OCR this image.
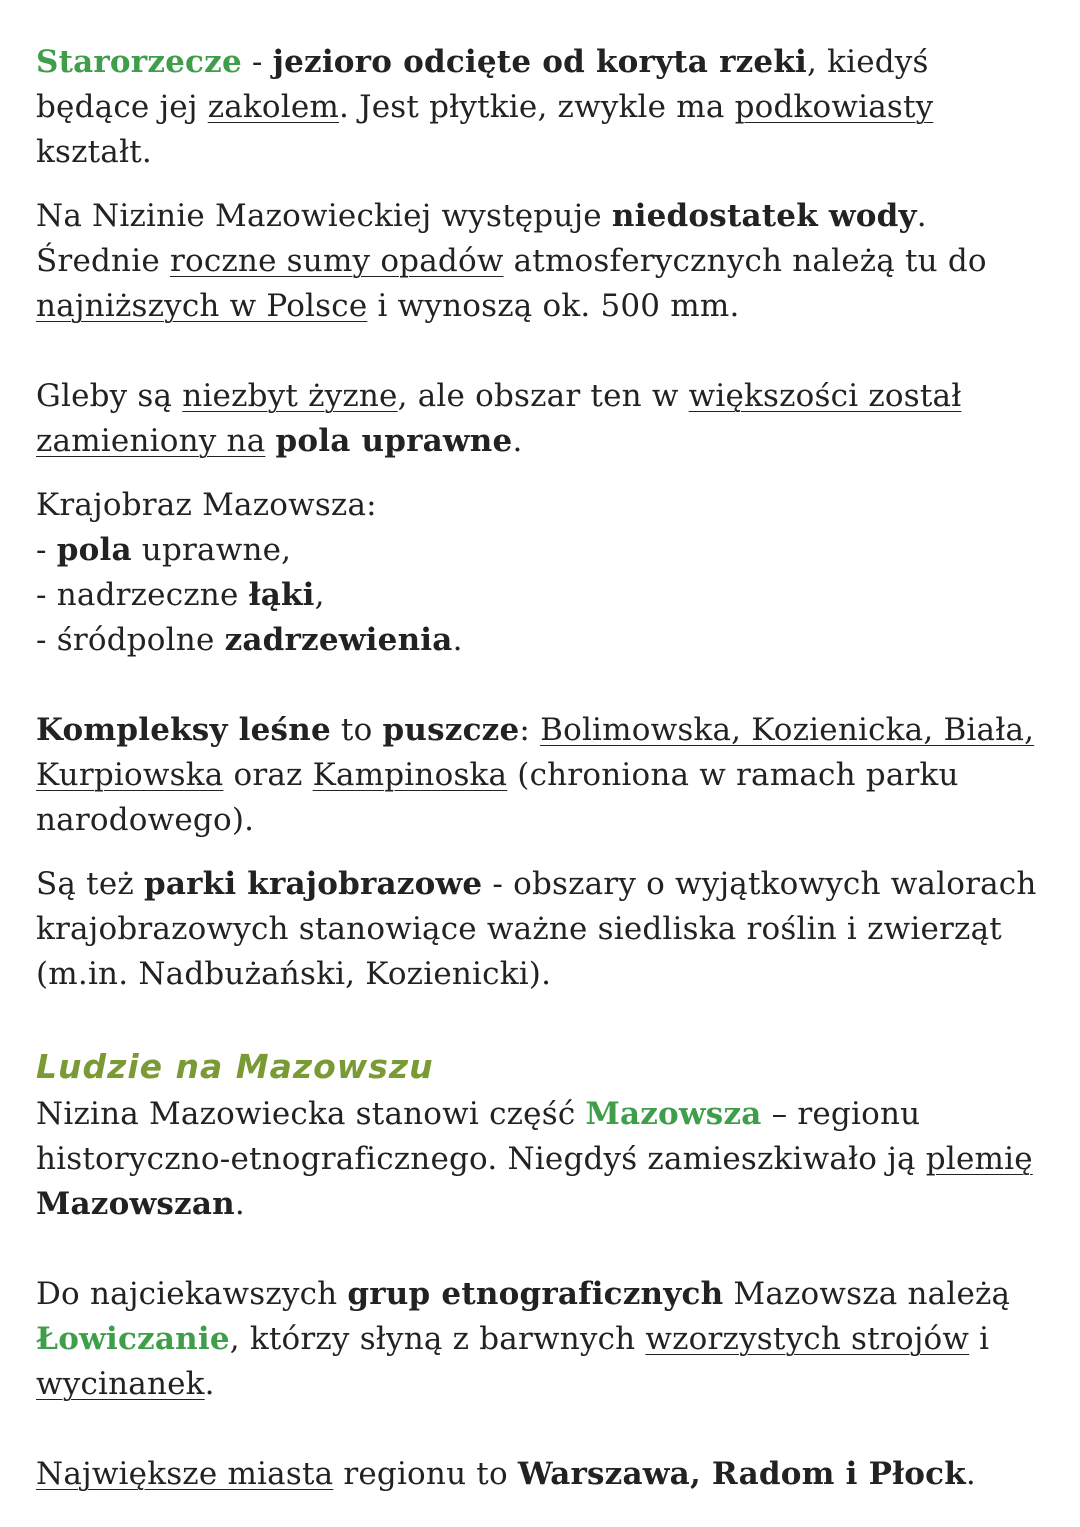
Starorzecze - jezioro odcięte od koryta rzeki, kiedyś będące jej zakolem. Jest płytkie, zwykle ma podkowiasty kształt.

Na Nizinie Mazowieckiej występuje niedostatek wody. Średnie roczne sumy opadów atmosferycznych należą tu do najniższych w Polsce i wynoszą ok. 500 mm.

Gleby są niezbyt żyzne, ale obszar ten w większości został zamieniony na pola uprawne.

Krajobraz Mazowsza:

- pola uprawne,

- nadrzeczne łąki,

- śródpolne zadrzewienia.

Kompleksy leśne to puszcze: Bolimowska, Kozienicka, Biała, Kurpiowska oraz Kampinoska (chroniona w ramach parku narodowego).

Są też parki krajobrazowe - obszary o wyjątkowych walorach krajobrazowych stanowiące ważne siedliska roślin i zwierząt (m.in. Nadbużański, Kozienicki).

Ludzie na Mazowszu

Nizina Mazowiecka stanowi część Mazowsza – regionu historyczno-etnograficznego. Niegdyś zamieszkiwało ją plemię Mazowszan.

Do najciekawszych grup etnograficznych Mazowsza należą Łowiczanie, którzy słyną z barwnych wzorzystych strojów i wycinanek.

Największe miasta regionu to Warszawa, Radom i Płock.
